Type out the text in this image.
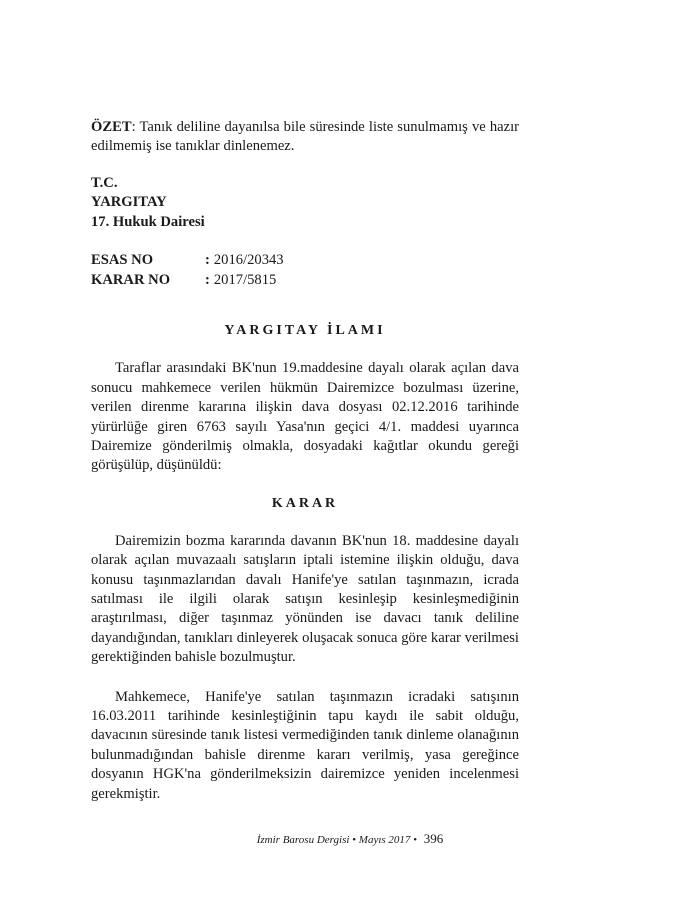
ÖZET: Tanık deliline dayanılsa bile süresinde liste sunulmamış ve hazır edilmemiş ise tanıklar dinlenemez.

T.C.
YARGITAY
17. Hukuk Dairesi
ESAS NO	: 2016/20343
KARAR NO	: 2017/5815
YARGITAY İLAMI

Taraflar arasındaki BK'nun 19.maddesine dayalı olarak açılan dava sonucu mahkemece verilen hükmün Dairemizce bozulması üzerine, verilen direnme kararına ilişkin dava dosyası 02.12.2016 tarihinde yürürlüğe giren 6763 sayılı Yasa'nın geçici 4/1. maddesi uyarınca Dairemize gönderilmiş olmakla, dosyadaki kağıtlar okundu gereği görüşülüp, düşünüldü:

KARAR

Dairemizin bozma kararında davanın BK'nun 18. maddesine dayalı olarak açılan muvazaalı satışların iptali istemine ilişkin olduğu, dava konusu taşınmazlarıdan davalı Hanife'ye satılan taşınmazın, icrada satılması ile ilgili olarak satışın kesinleşip kesinleşmediğinin araştırılması, diğer taşınmaz yönünden ise davacı tanık deliline dayandığından, tanıkları dinleyerek oluşacak sonuca göre karar verilmesi gerektiğinden bahisle bozulmuştur.

Mahkemece, Hanife'ye satılan taşınmazın icradaki satışının 16.03.2011 tarihinde kesinleştiğinin tapu kaydı ile sabit olduğu, davacının süresinde tanık listesi vermediğinden tanık dinleme olanağının bulunmadığından bahisle direnme kararı verilmiş, yasa gereğince dosyanın HGK'na gönderilmeksizin dairemizce yeniden incelenmesi gerekmiştir.

İzmir Barosu Dergisi • Mayıs 2017 • 396
